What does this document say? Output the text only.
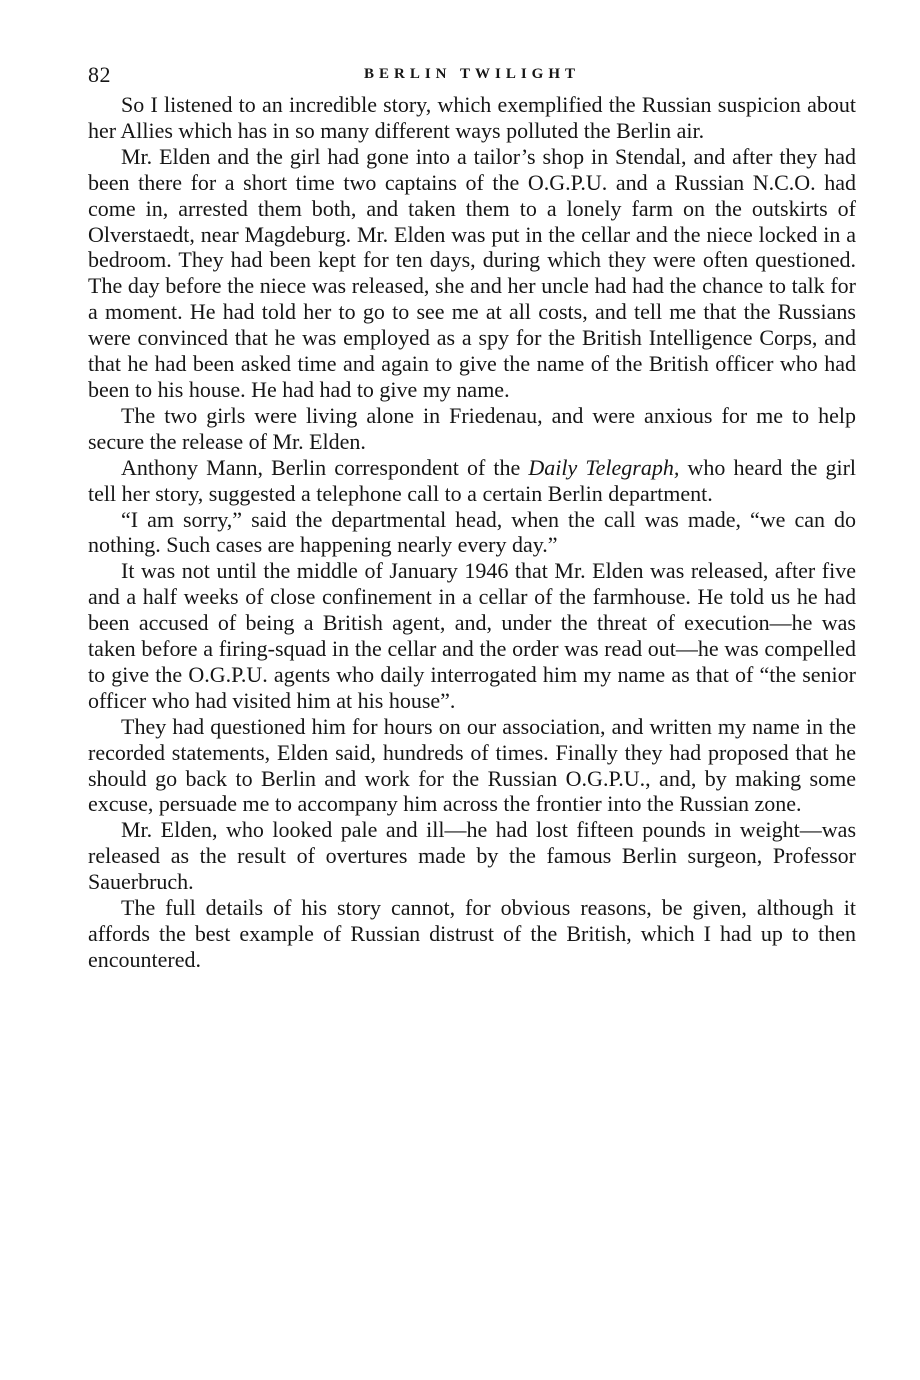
82	BERLIN TWILIGHT

So I listened to an incredible story, which exemplified the Russian suspicion about her Allies which has in so many different ways polluted the Berlin air.

Mr. Elden and the girl had gone into a tailor’s shop in Stendal, and after they had been there for a short time two captains of the O.G.P.U. and a Russian N.C.O. had come in, arrested them both, and taken them to a lonely farm on the outskirts of Olverstaedt, near Magdeburg. Mr. Elden was put in the cellar and the niece locked in a bedroom. They had been kept for ten days, during which they were often questioned. The day before the niece was released, she and her uncle had had the chance to talk for a moment. He had told her to go to see me at all costs, and tell me that the Russians were convinced that he was employed as a spy for the British Intelligence Corps, and that he had been asked time and again to give the name of the British officer who had been to his house. He had had to give my name.

The two girls were living alone in Friedenau, and were anxious for me to help secure the release of Mr. Elden.

Anthony Mann, Berlin correspondent of the Daily Telegraph, who heard the girl tell her story, suggested a telephone call to a certain Berlin department.

“I am sorry,” said the departmental head, when the call was made, “we can do nothing. Such cases are happening nearly every day.”

It was not until the middle of January 1946 that Mr. Elden was released, after five and a half weeks of close confinement in a cellar of the farmhouse. He told us he had been accused of being a British agent, and, under the threat of execution—he was taken before a firing-squad in the cellar and the order was read out—he was compelled to give the O.G.P.U. agents who daily interrogated him my name as that of “the senior officer who had visited him at his house”.

They had questioned him for hours on our association, and written my name in the recorded statements, Elden said, hundreds of times. Finally they had proposed that he should go back to Berlin and work for the Russian O.G.P.U., and, by making some excuse, persuade me to accompany him across the frontier into the Russian zone.

Mr. Elden, who looked pale and ill—he had lost fifteen pounds in weight—was released as the result of overtures made by the famous Berlin surgeon, Professor Sauerbruch.

The full details of his story cannot, for obvious reasons, be given, although it affords the best example of Russian distrust of the British, which I had up to then encountered.
